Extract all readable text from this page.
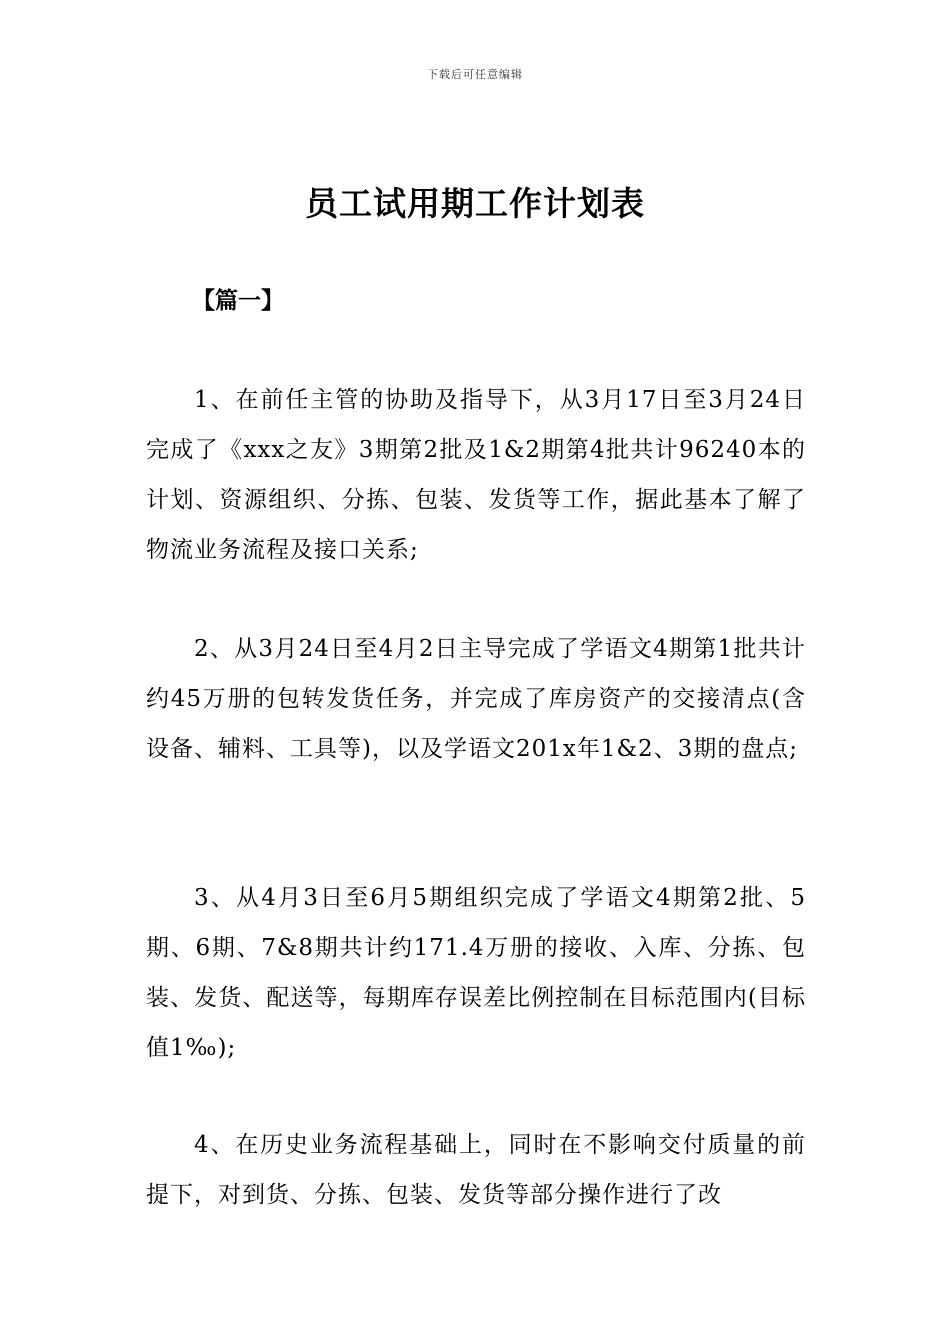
下载后可任意编辑
员工试用期工作计划表
【篇一】

1、在前任主管的协助及指导下，从3月17日至3月24日完成了《xxx之友》3期第2批及1&2期第4批共计96240本的计划、资源组织、分拣、包装、发货等工作，据此基本了解了物流业务流程及接口关系;

2、从3月24日至4月2日主导完成了学语文4期第1批共计约45万册的包转发货任务，并完成了库房资产的交接清点(含设备、辅料、工具等)，以及学语文201x年1&2、3期的盘点;

3、从4月3日至6月5期组织完成了学语文4期第2批、5期、6期、7&8期共计约171.4万册的接收、入库、分拣、包装、发货、配送等，每期库存误差比例控制在目标范围内(目标值1‰);

4、在历史业务流程基础上，同时在不影响交付质量的前提下，对到货、分拣、包装、发货等部分操作进行了改
